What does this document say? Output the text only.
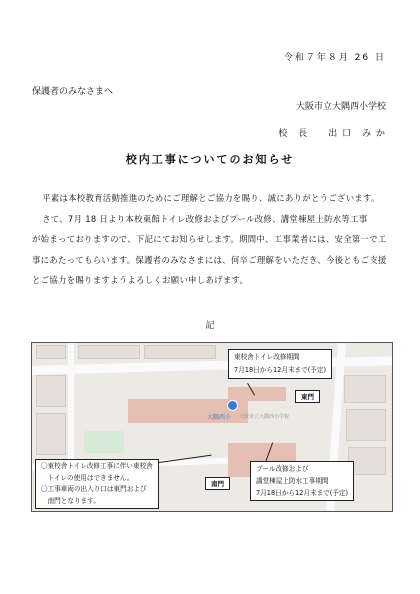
令和７年８月 26 日
保護者のみなさまへ
大阪市立大隅西小学校
校　長　　出 口　み か
校内工事についてのお知らせ

平素は本校教育活動推進のためにご理解とご協力を賜り、誠にありがとうございます。

さて、7月 18 日より本校東館トイレ改修およびプール改修、講堂棟屋上防水等工事

が始まっておりますので、下記にてお知らせします。期間中、工事業者には、安全第一で工

事にあたってもらいます。保護者のみなさまには、何卒ご理解をいただき、今後ともご支援

とご協力を賜りますようよろしくお願い申しあげます。

記
大隅西小 大阪市立大隅西小学校
東校舎トイレ改修期間
7月18日から12月末まで(予定)
東門
南門
〇東校舎トイレ改修工事に伴い東校舎
　トイレの使用はできません。
〇工事車両の出入り口は東門および
　南門となります。
プール改修および
講堂棟屋上防水工事期間
7月18日から12月末まで(予定)
